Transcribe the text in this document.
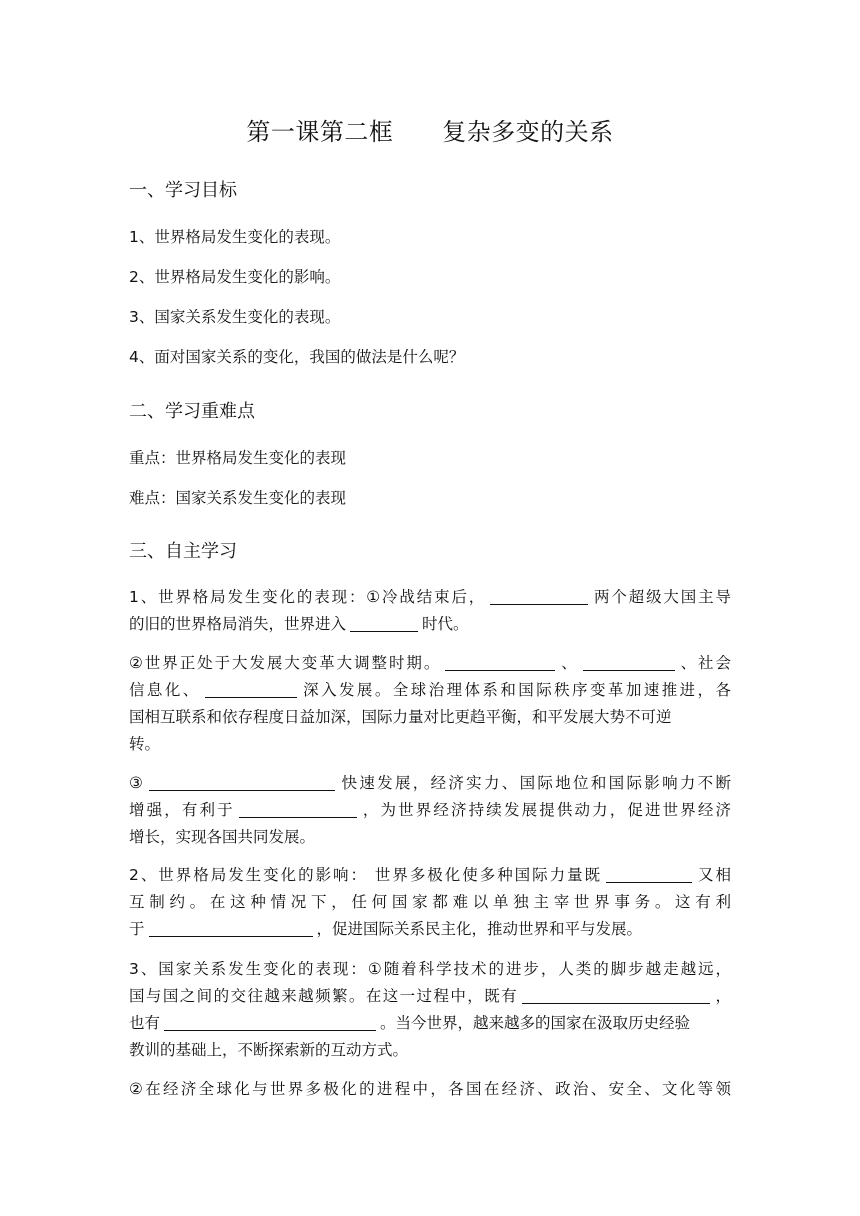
第一课第二框      复杂多变的关系
一、学习目标
1、世界格局发生变化的表现。
2、世界格局发生变化的影响。
3、国家关系发生变化的表现。
4、面对国家关系的变化，我国的做法是什么呢？
二、学习重难点
重点：世界格局发生变化的表现
难点：国家关系发生变化的表现
三、自主学习
1、世界格局发生变化的表现：①冷战结束后，	两个超级大国主导
的旧的世界格局消失，世界进入	时代。
②世界正处于大发展大变革大调整时期。	、	、社会
信息化、	深入发展。全球治理体系和国际秩序变革加速推进，各
国相互联系和依存程度日益加深，国际力量对比更趋平衡，和平发展大势不可逆
转。
③	快速发展，经济实力、国际地位和国际影响力不断
增强，有利于	，为世界经济持续发展提供动力，促进世界经济
增长，实现各国共同发展。
2、世界格局发生变化的影响： 世界多极化使多种国际力量既	又相
互制约。在这种情况下，任何国家都难以单独主宰世界事务。这有利
于	，促进国际关系民主化，推动世界和平与发展。
3、国家关系发生变化的表现：①随着科学技术的进步，人类的脚步越走越远，
国与国之间的交往越来越频繁。在这一过程中，既有	，
也有	。当今世界，越来越多的国家在汲取历史经验
教训的基础上，不断探索新的互动方式。
②在经济全球化与世界多极化的进程中，各国在经济、政治、安全、文化等领
